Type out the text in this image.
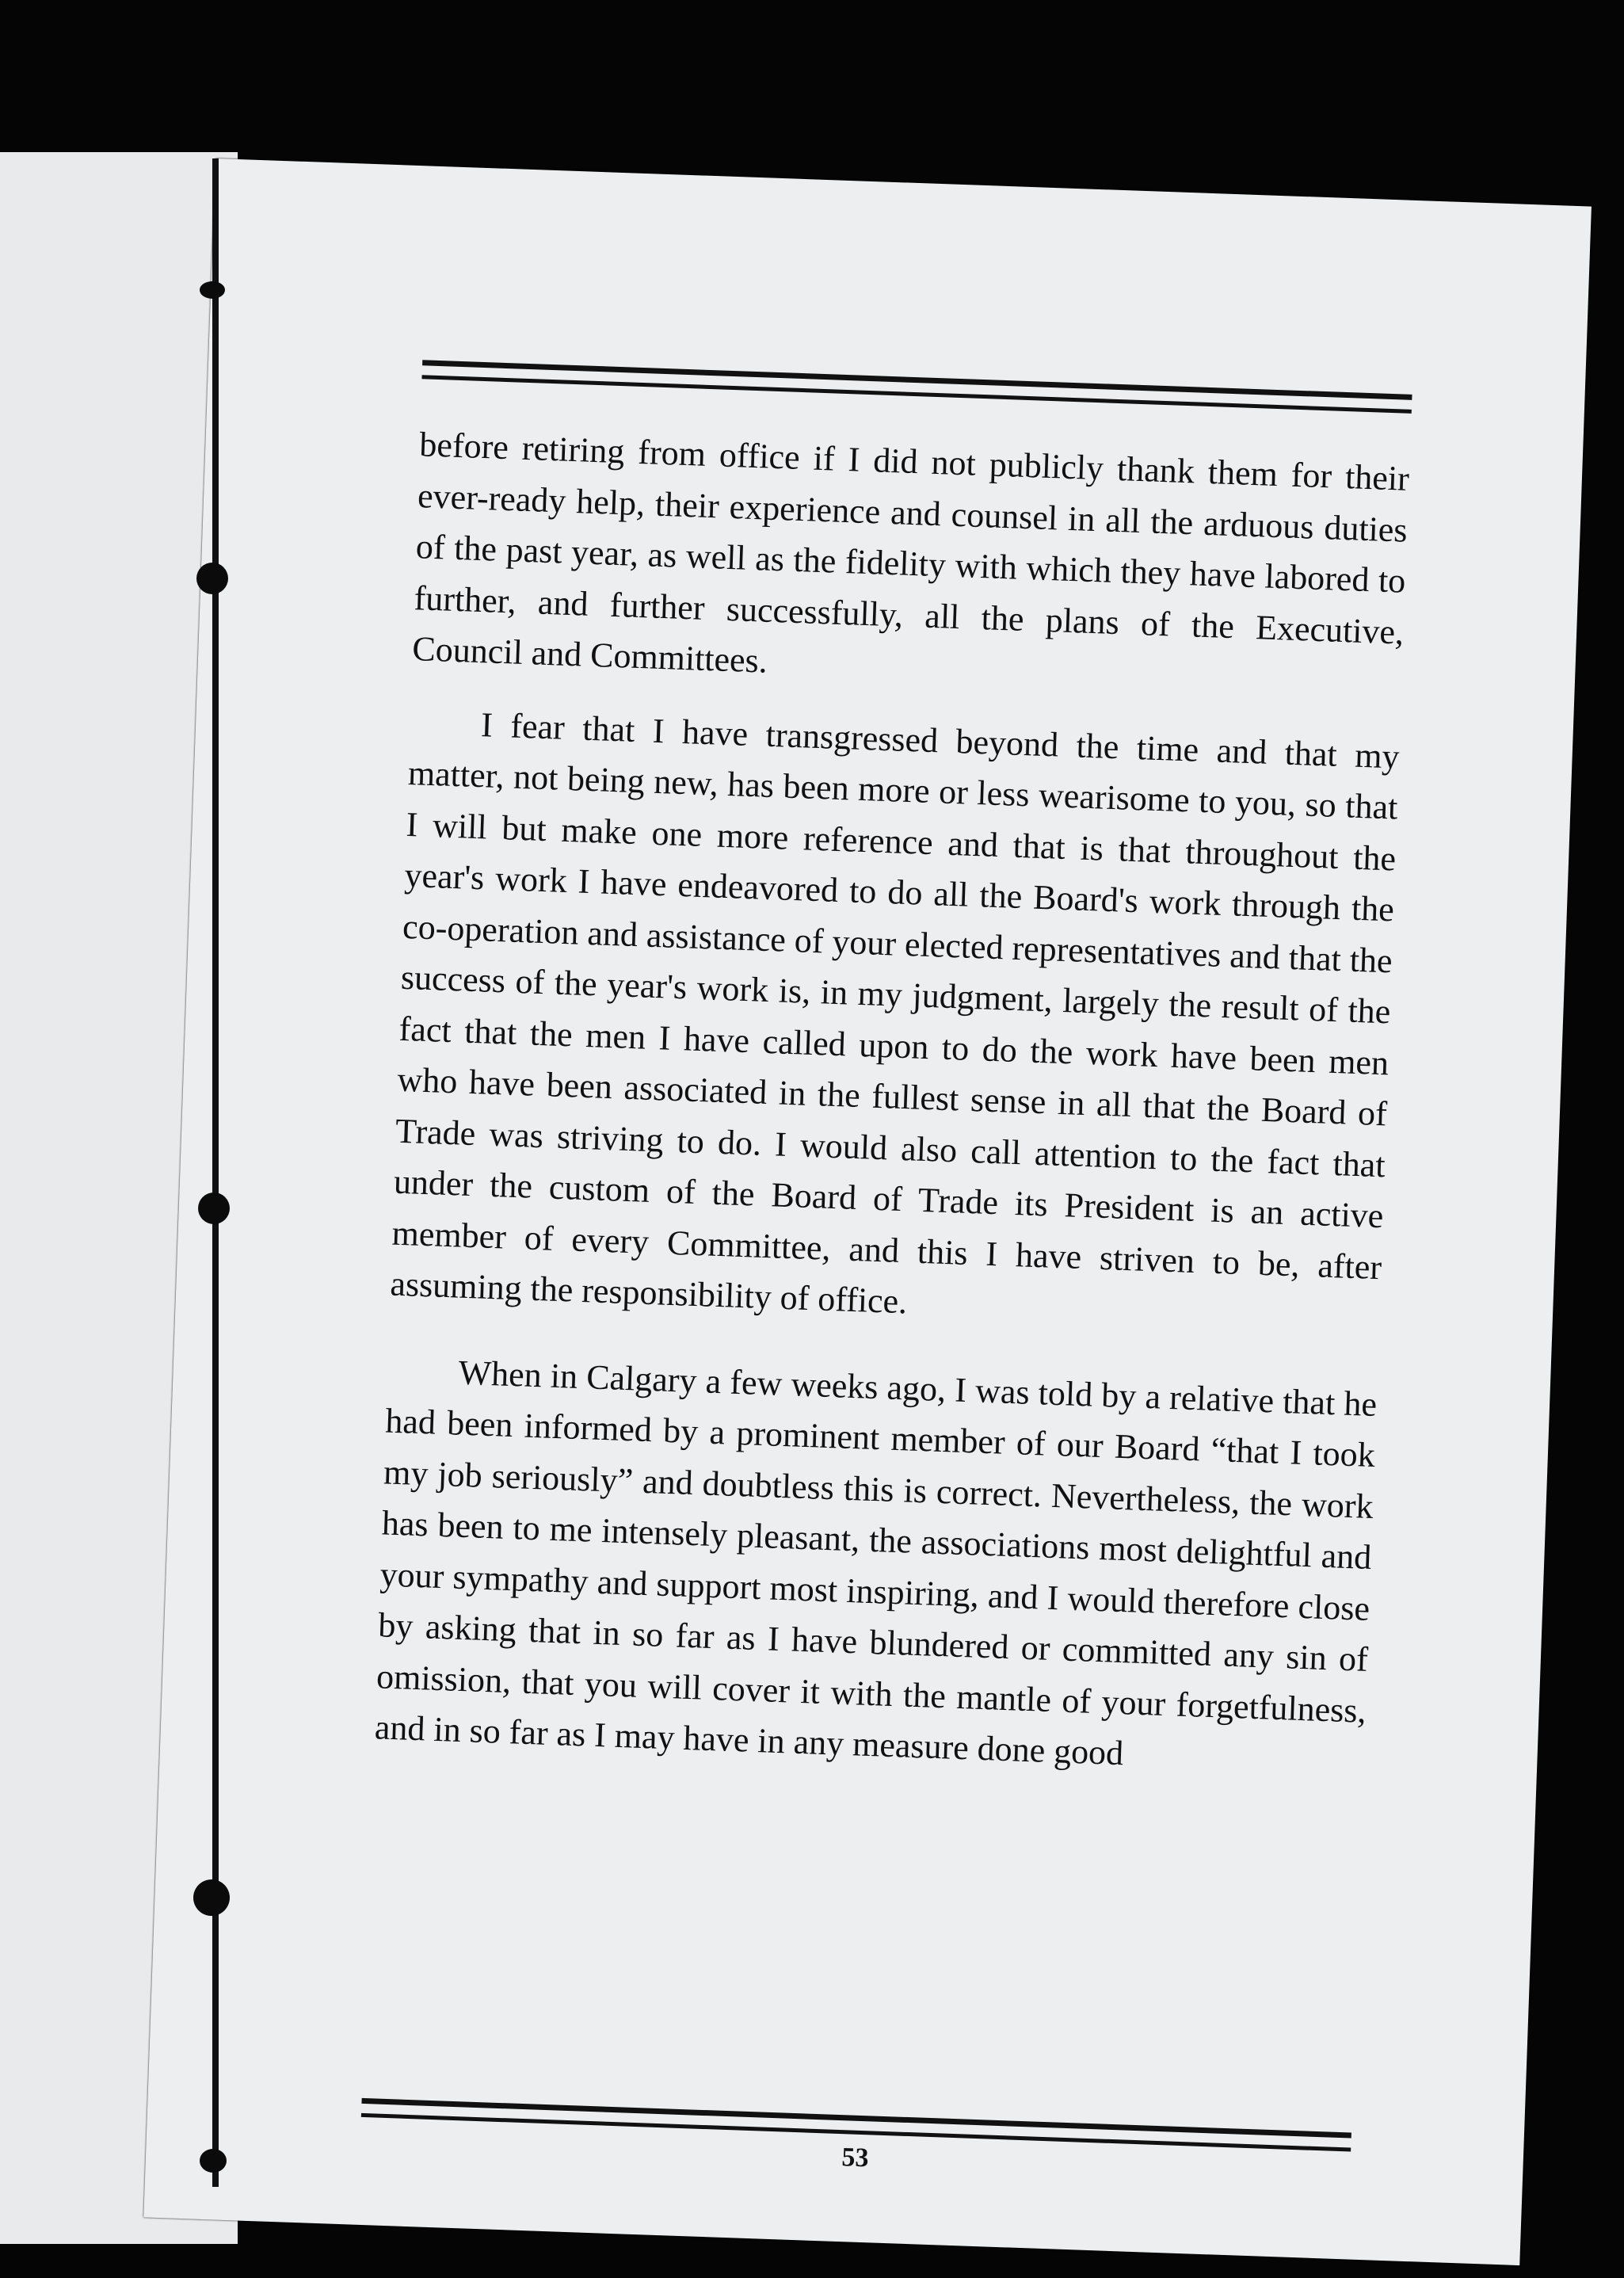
before retiring from office if I did not publicly thank them for their ever-ready help, their experience and counsel in all the arduous duties of the past year, as well as the fidelity with which they have labored to further, and further successfully, all the plans of the Executive, Council and Committees.

I fear that I have transgressed beyond the time and that my matter, not being new, has been more or less wearisome to you, so that I will but make one more reference and that is that throughout the year's work I have endeavored to do all the Board's work through the co-operation and assistance of your elected representatives and that the success of the year's work is, in my judgment, largely the result of the fact that the men I have called upon to do the work have been men who have been associated in the fullest sense in all that the Board of Trade was striving to do. I would also call attention to the fact that under the custom of the Board of Trade its President is an active member of every Committee, and this I have striven to be, after assuming the responsibility of office.

When in Calgary a few weeks ago, I was told by a relative that he had been informed by a prominent member of our Board “that I took my job seriously” and doubtless this is correct. Nevertheless, the work has been to me intensely pleasant, the associations most delightful and your sympathy and support most inspiring, and I would therefore close by asking that in so far as I have blundered or committed any sin of omission, that you will cover it with the mantle of your forgetfulness, and in so far as I may have in any measure done good

53
